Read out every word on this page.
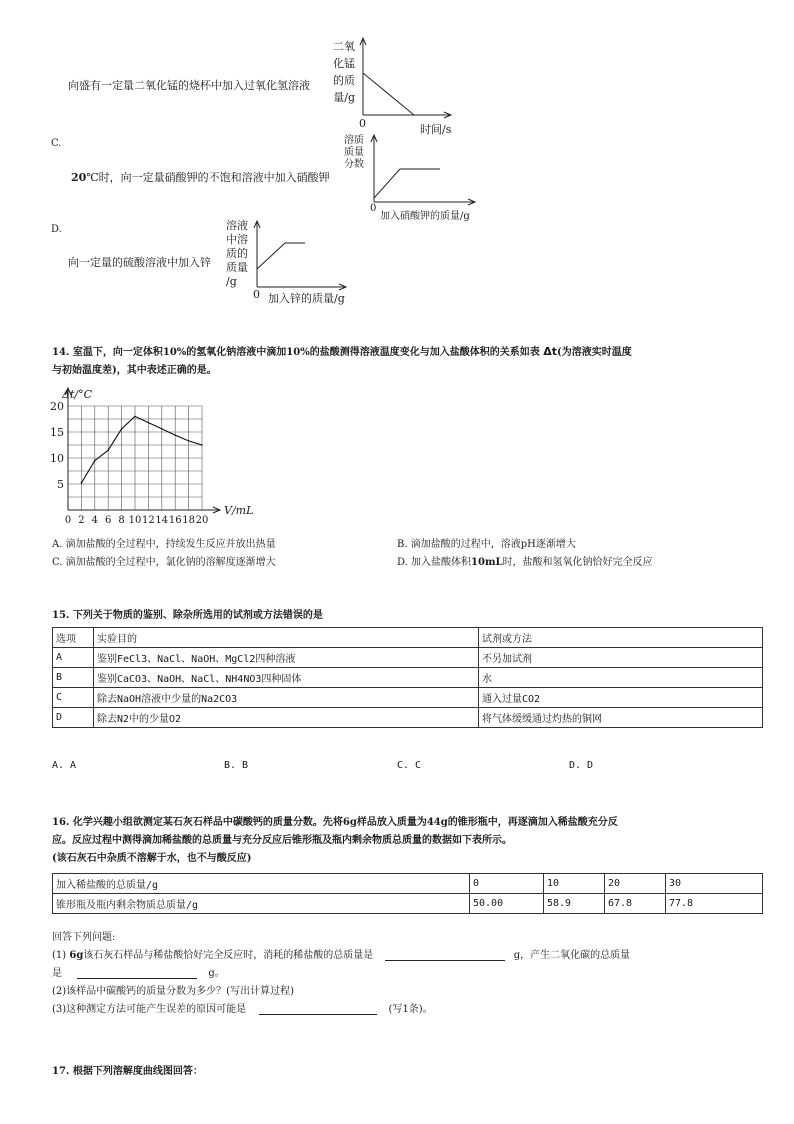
向盛有一定量二氧化锰的烧杯中加入过氧化氢溶液
二氧
化锰
的质
量/g
0	时间/s
C.
20℃时，向一定量硝酸钾的不饱和溶液中加入硝酸钾
溶质
质量
分数
0
加入硝酸钾的质量/g
D.
向一定量的硫酸溶液中加入锌
溶液
中溶
质的
质量
/g
0 加入锌的质量/g
14. 室温下，向一定体积10%的氢氧化钠溶液中滴加10%的盐酸测得溶液温度变化与加入盐酸体积的关系如表 Δt(为溶液实时温度
与初始温度差)，其中表述正确的是。
5
10
15
20
0 2 4 6 8 10 12 14 16 18 20
Δt/°C
V/mL
A. 滴加盐酸的全过程中，持续发生反应并放出热量	B. 滴加盐酸的过程中，溶液pH逐渐增大
C. 滴加盐酸的全过程中，氯化钠的溶解度逐渐增大	D. 加入盐酸体积10mL时，盐酸和氢氧化钠恰好完全反应
15. 下列关于物质的鉴别、除杂所选用的试剂或方法错误的是
选项	实验目的	试剂或方法
A	鉴别FeCl3、NaCl、NaOH、MgCl2四种溶液	不另加试剂
B	鉴别CaCO3、NaOH、NaCl、NH4NO3四种固体	水
C	除去NaOH溶液中少量的Na2CO3	通入过量CO2
D	除去N2中的少量O2	将气体缓缓通过灼热的铜网
A. A	B. B	C. C	D. D
16. 化学兴趣小组欲测定某石灰石样品中碳酸钙的质量分数。先将6g样品放入质量为44g的锥形瓶中，再逐滴加入稀盐酸充分反
应。反应过程中测得滴加稀盐酸的总质量与充分反应后锥形瓶及瓶内剩余物质总质量的数据如下表所示。
(该石灰石中杂质不溶解于水，也不与酸反应)
加入稀盐酸的总质量/g	0	10	20	30
锥形瓶及瓶内剩余物质总质量/g	50.00	58.9	67.8	77.8
回答下列问题:
(1) 6g该石灰石样品与稀盐酸恰好完全反应时，消耗的稀盐酸的总质量是	g，产生二氧化碳的总质量
是	g。
(2)该样品中碳酸钙的质量分数为多少？(写出计算过程)
(3)这种测定方法可能产生误差的原因可能是	(写1条)。
17. 根据下列溶解度曲线图回答：
